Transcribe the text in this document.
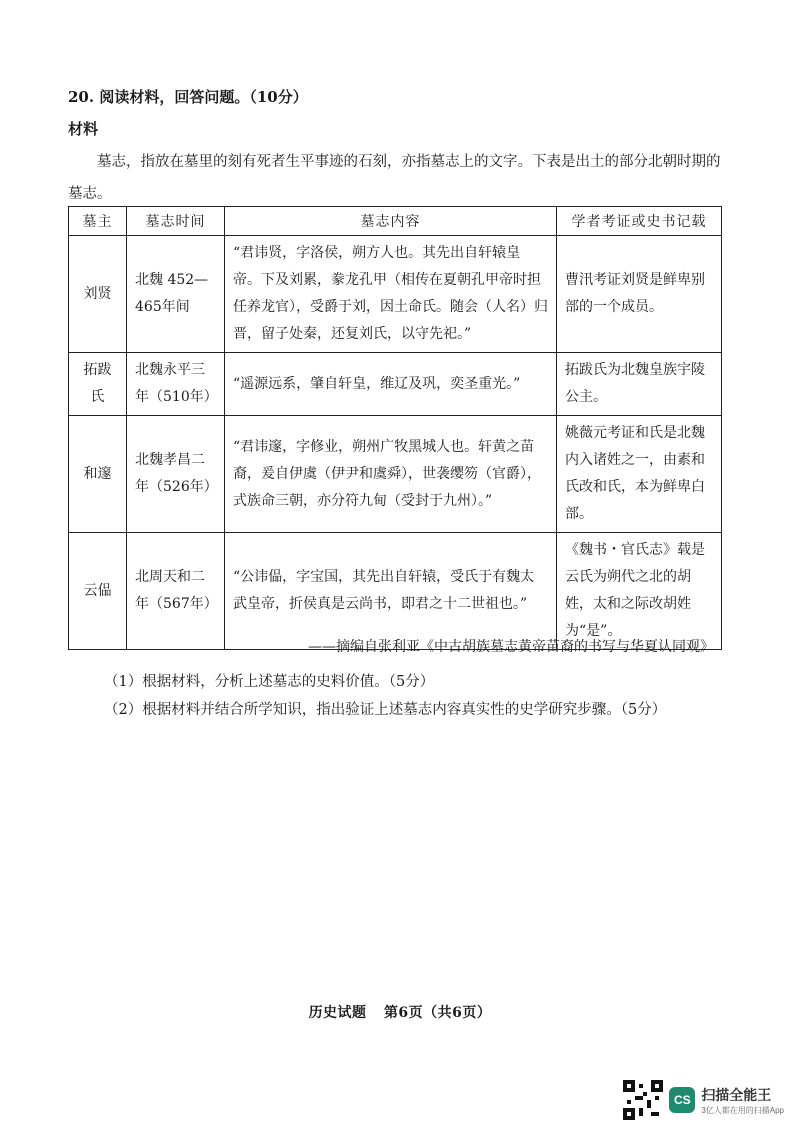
20. 阅读材料，回答问题。（10分）
材料
墓志，指放在墓里的刻有死者生平事迹的石刻，亦指墓志上的文字。下表是出土的部分北朝时期的墓志。
墓主	墓志时间	墓志内容	学者考证或史书记载
刘贤	北魏 452—465年间	“君讳贤，字洛侯，朔方人也。其先出自轩辕皇帝。下及刘累，豢龙孔甲（相传在夏朝孔甲帝时担任养龙官），受爵于刘，因土命氏。随会（人名）归晋，留子处秦，还复刘氏，以守先祀。”	曹汛考证刘贤是鲜卑别部的一个成员。
拓跋氏	北魏永平三年（510年）	“遥源远系，肇自轩皇，维辽及巩，奕圣重光。”	拓跋氏为北魏皇族宇陵公主。
和邃	北魏孝昌二年（526年）	“君讳邃，字修业，朔州广牧黑城人也。轩黄之苗裔，爰自伊虞（伊尹和虞舜），世袭缨笏（官爵），式族命三朝，亦分符九甸（受封于九州）。”	姚薇元考证和氏是北魏内入诸姓之一，由素和氏改和氏，本为鲜卑白部。
云偘	北周天和二年（567年）	“公讳偘，字宝国，其先出自轩辕，受氏于有魏太武皇帝，折侯真是云尚书，即君之十二世祖也。”	《魏书・官氏志》载是云氏为朔代之北的胡姓，太和之际改胡姓为“是”。
——摘编自张利亚《中古胡族墓志黄帝苗裔的书写与华夏认同观》
（1）根据材料，分析上述墓志的史料价值。（5分）
（2）根据材料并结合所学知识，指出验证上述墓志内容真实性的史学研究步骤。（5分）
历史试题 第6页（共6页）
CS 扫描全能王
3亿人都在用的扫描App
